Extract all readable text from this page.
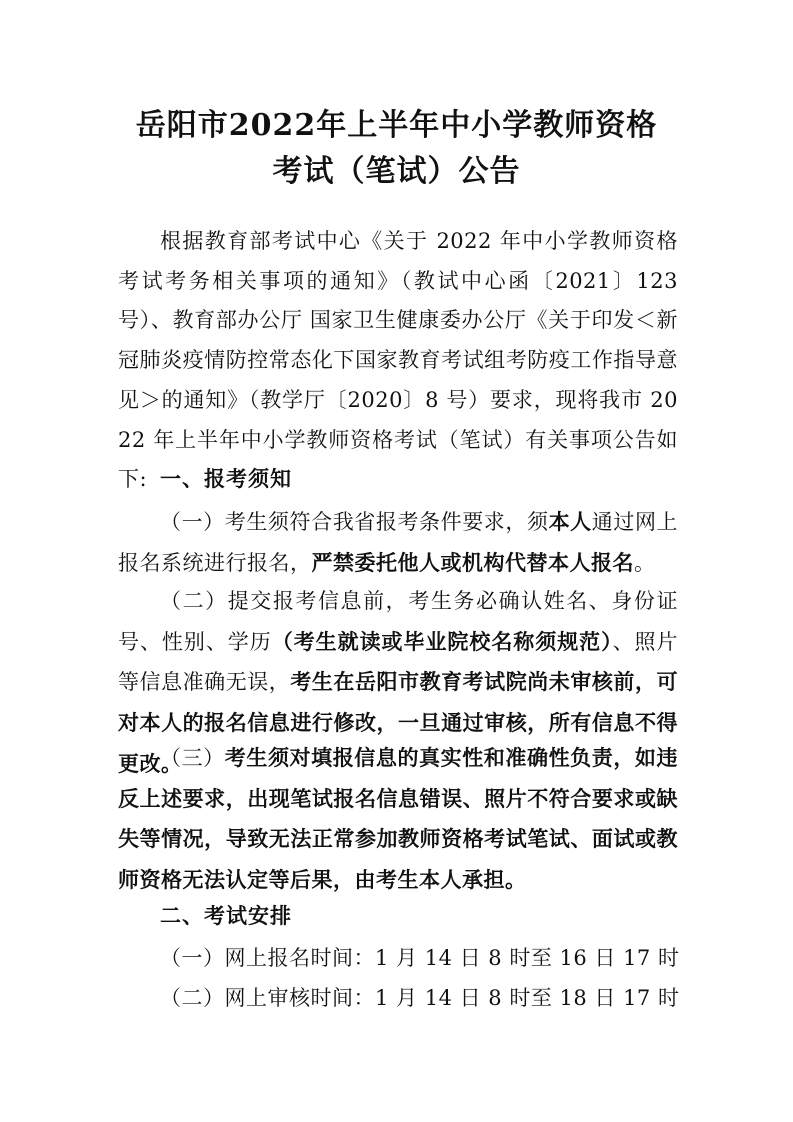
岳阳市2022年上半年中小学教师资格
考试（笔试）公告

根据教育部考试中心《关于 2022 年中小学教师资格考试考务相关事项的通知》（教试中心函〔2021〕123 号）、教育部办公厅 国家卫生健康委办公厅《关于印发＜新冠肺炎疫情防控常态化下国家教育考试组考防疫工作指导意见＞的通知》（教学厅〔2020〕8 号）要求，现将我市 2022 年上半年中小学教师资格考试（笔试）有关事项公告如下: 一、报考须知

（一）考生须符合我省报考条件要求，须本人通过网上报名系统进行报名，严禁委托他人或机构代替本人报名。

（二）提交报考信息前，考生务必确认姓名、身份证号、性别、学历（考生就读或毕业院校名称须规范）、照片等信息准确无误，考生在岳阳市教育考试院尚未审核前，可对本人的报名信息进行修改，一旦通过审核，所有信息不得更改。

（三）考生须对填报信息的真实性和准确性负责，如违反上述要求，出现笔试报名信息错误、照片不符合要求或缺失等情况，导致无法正常参加教师资格考试笔试、面试或教师资格无法认定等后果，由考生本人承担。

二、考试安排

（一）网上报名时间：1 月 14 日 8 时至 16 日 17 时

（二）网上审核时间：1 月 14 日 8 时至 18 日 17 时
